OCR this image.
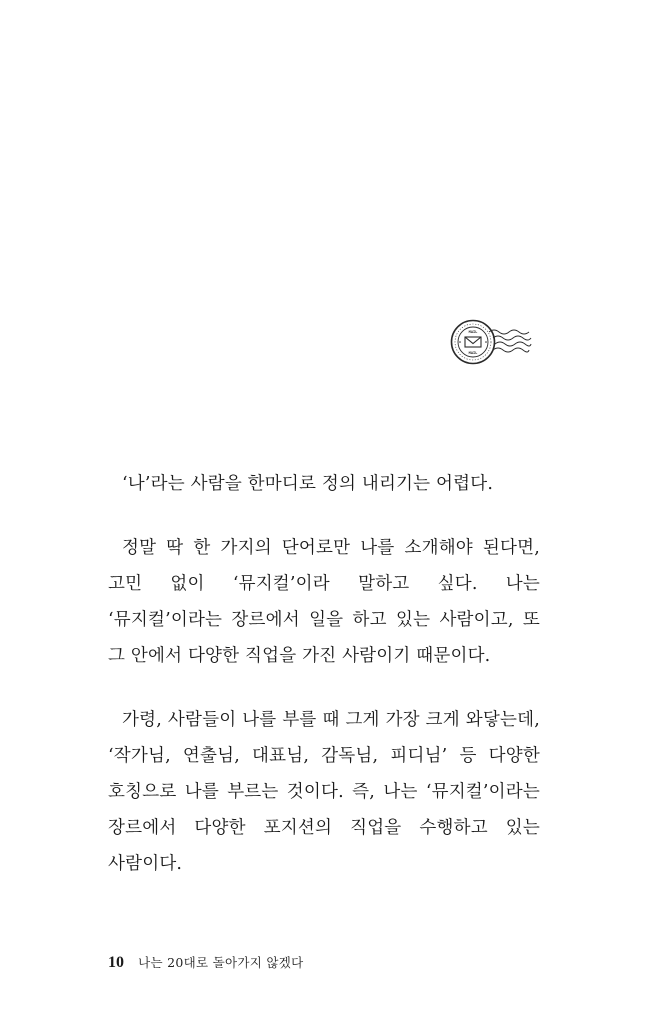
MAIL
MAIL

‘나’라는 사람을 한마디로 정의 내리기는 어렵다.

정말 딱 한 가지의 단어로만 나를 소개해야 된다면, 고민 없이 ‘뮤지컬’이라 말하고 싶다. 나는 ‘뮤지컬’이라는 장르에서 일을 하고 있는 사람이고, 또 그 안에서 다양한 직업을 가진 사람이기 때문이다.

가령, 사람들이 나를 부를 때 그게 가장 크게 와닿는데, ‘작가님, 연출님, 대표님, 감독님, 피디님’ 등 다양한 호칭으로 나를 부르는 것이다. 즉, 나는 ‘뮤지컬’이라는 장르에서 다양한 포지션의 직업을 수행하고 있는 사람이다.

10 나는 20대로 돌아가지 않겠다
